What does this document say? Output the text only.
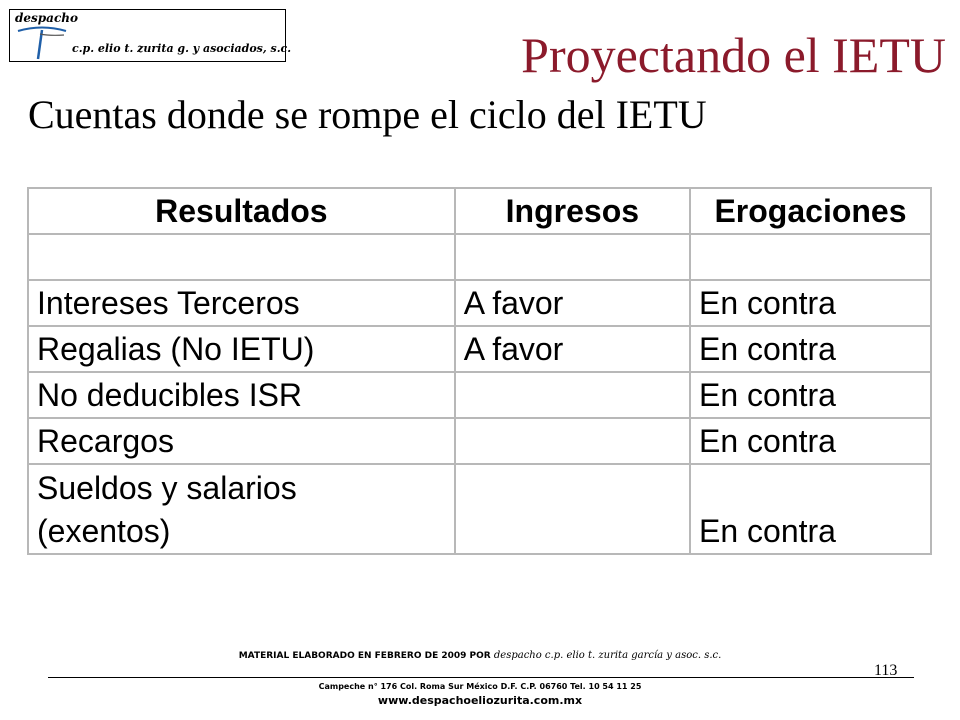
despacho
c.p. elio t. zurita g. y asociados, s.c.	Proyectando el IETU
Cuentas donde se rompe el ciclo del IETU
Resultados	Ingresos	Erogaciones

Intereses Terceros	A favor	En contra
Regalias (No IETU)	A favor	En contra
No deducibles ISR		En contra
Recargos		En contra

Sueldos y salarios
(exentos)		En contra
MATERIAL ELABORADO EN FEBRERO DE 2009 POR despacho c.p. elio t. zurita garcía y asoc. s.c.
113
Campeche n° 176 Col. Roma Sur México D.F. C.P. 06760 Tel. 10 54 11 25
www.despachoeliozurita.com.mx
